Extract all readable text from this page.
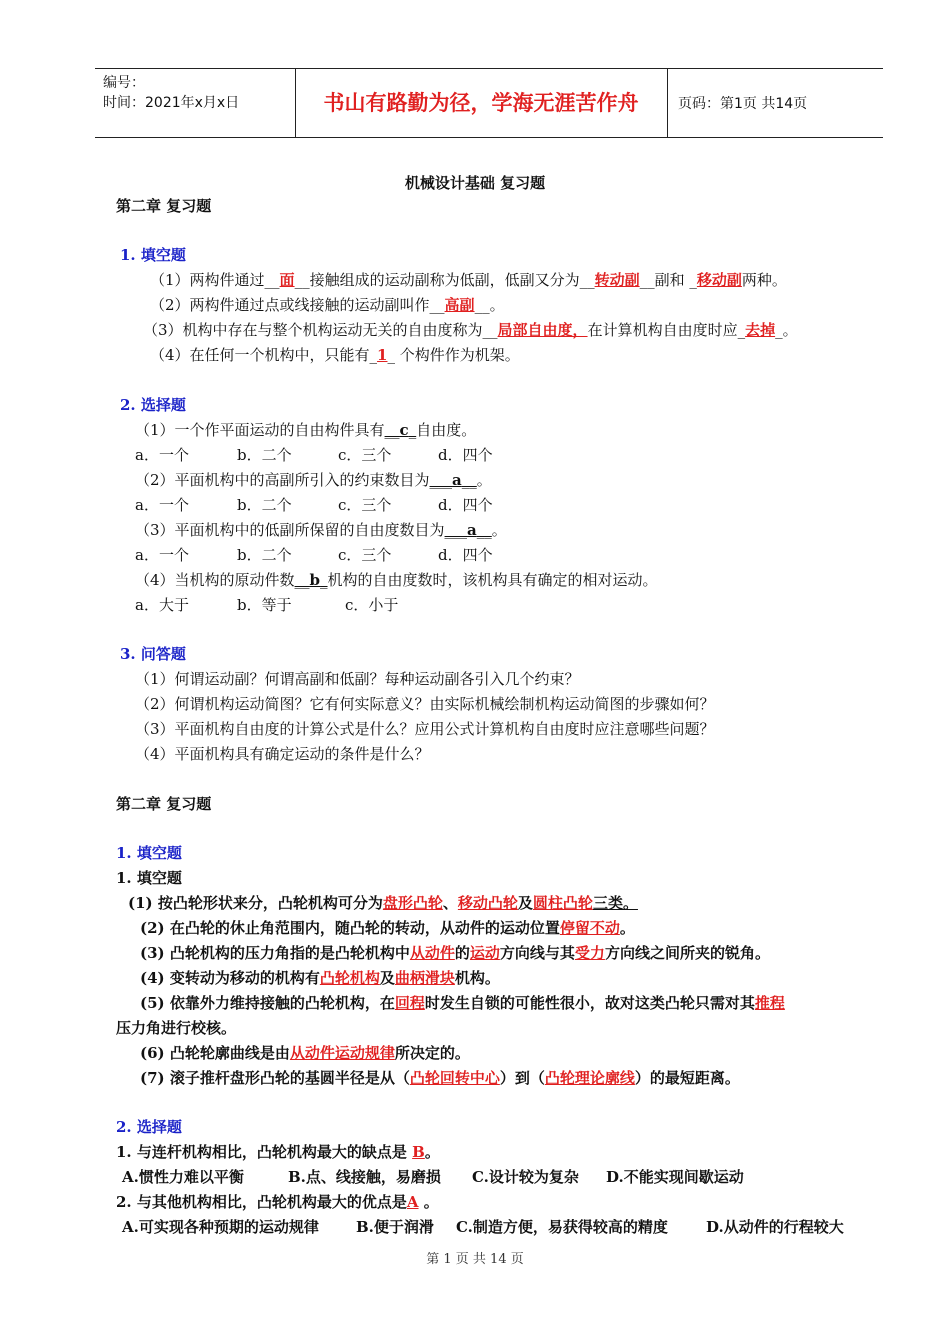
编号：
时间：2021年x月x日	书山有路勤为径，学海无涯苦作舟	页码：第1页 共14页
机械设计基础 复习题
第二章 复习题
1. 填空题
（1）两构件通过__面__接触组成的运动副称为低副，低副又分为__转动副__副和 _移动副两种。
（2）两构件通过点或线接触的运动副叫作__高副__。
（3）机构中存在与整个机构运动无关的自由度称为__局部自由度，在计算机构自由度时应_去掉_。
（4）在任何一个机构中，只能有_1_ 个构件作为机架。
2. 选择题
（1）一个作平面运动的自由构件具有__c_自由度。
a．一个	b．二个	c．三个	d．四个
（2）平面机构中的高副所引入的约束数目为___a__。
a．一个	b．二个	c．三个	d．四个
（3）平面机构中的低副所保留的自由度数目为___a__。
a．一个	b．二个	c．三个	d．四个
（4）当机构的原动件数__b_机构的自由度数时，该机构具有确定的相对运动。
a．大于	b．等于	c．小于
3. 问答题
（1）何谓运动副？何谓高副和低副？每种运动副各引入几个约束？
（2）何谓机构运动简图？它有何实际意义？由实际机械绘制机构运动简图的步骤如何？
（3）平面机构自由度的计算公式是什么？应用公式计算机构自由度时应注意哪些问题？
（4）平面机构具有确定运动的条件是什么？
第二章 复习题
1. 填空题
1. 填空题
(1) 按凸轮形状来分，凸轮机构可分为盘形凸轮、移动凸轮及圆柱凸轮三类。
(2) 在凸轮的休止角范围内，随凸轮的转动，从动件的运动位置停留不动。
(3) 凸轮机构的压力角指的是凸轮机构中从动件的运动方向线与其受力方向线之间所夹的锐角。
(4) 变转动为移动的机构有凸轮机构及曲柄滑块机构。
(5) 依靠外力维持接触的凸轮机构，在回程时发生自锁的可能性很小，故对这类凸轮只需对其推程
压力角进行校核。
(6) 凸轮轮廓曲线是由从动件运动规律所决定的。
(7) 滚子推杆盘形凸轮的基圆半径是从（凸轮回转中心）到（凸轮理论廓线）的最短距离。
2. 选择题
1. 与连杆机构相比，凸轮机构最大的缺点是 B。
A.惯性力难以平衡	B.点、线接触，易磨损 C.设计较为复杂 D.不能实现间歇运动
2. 与其他机构相比，凸轮机构最大的优点是A 。
A.可实现各种预期的运动规律 B.便于润滑 C.制造方便，易获得较高的精度	D.从动件的行程较大
第 1 页 共 14 页
